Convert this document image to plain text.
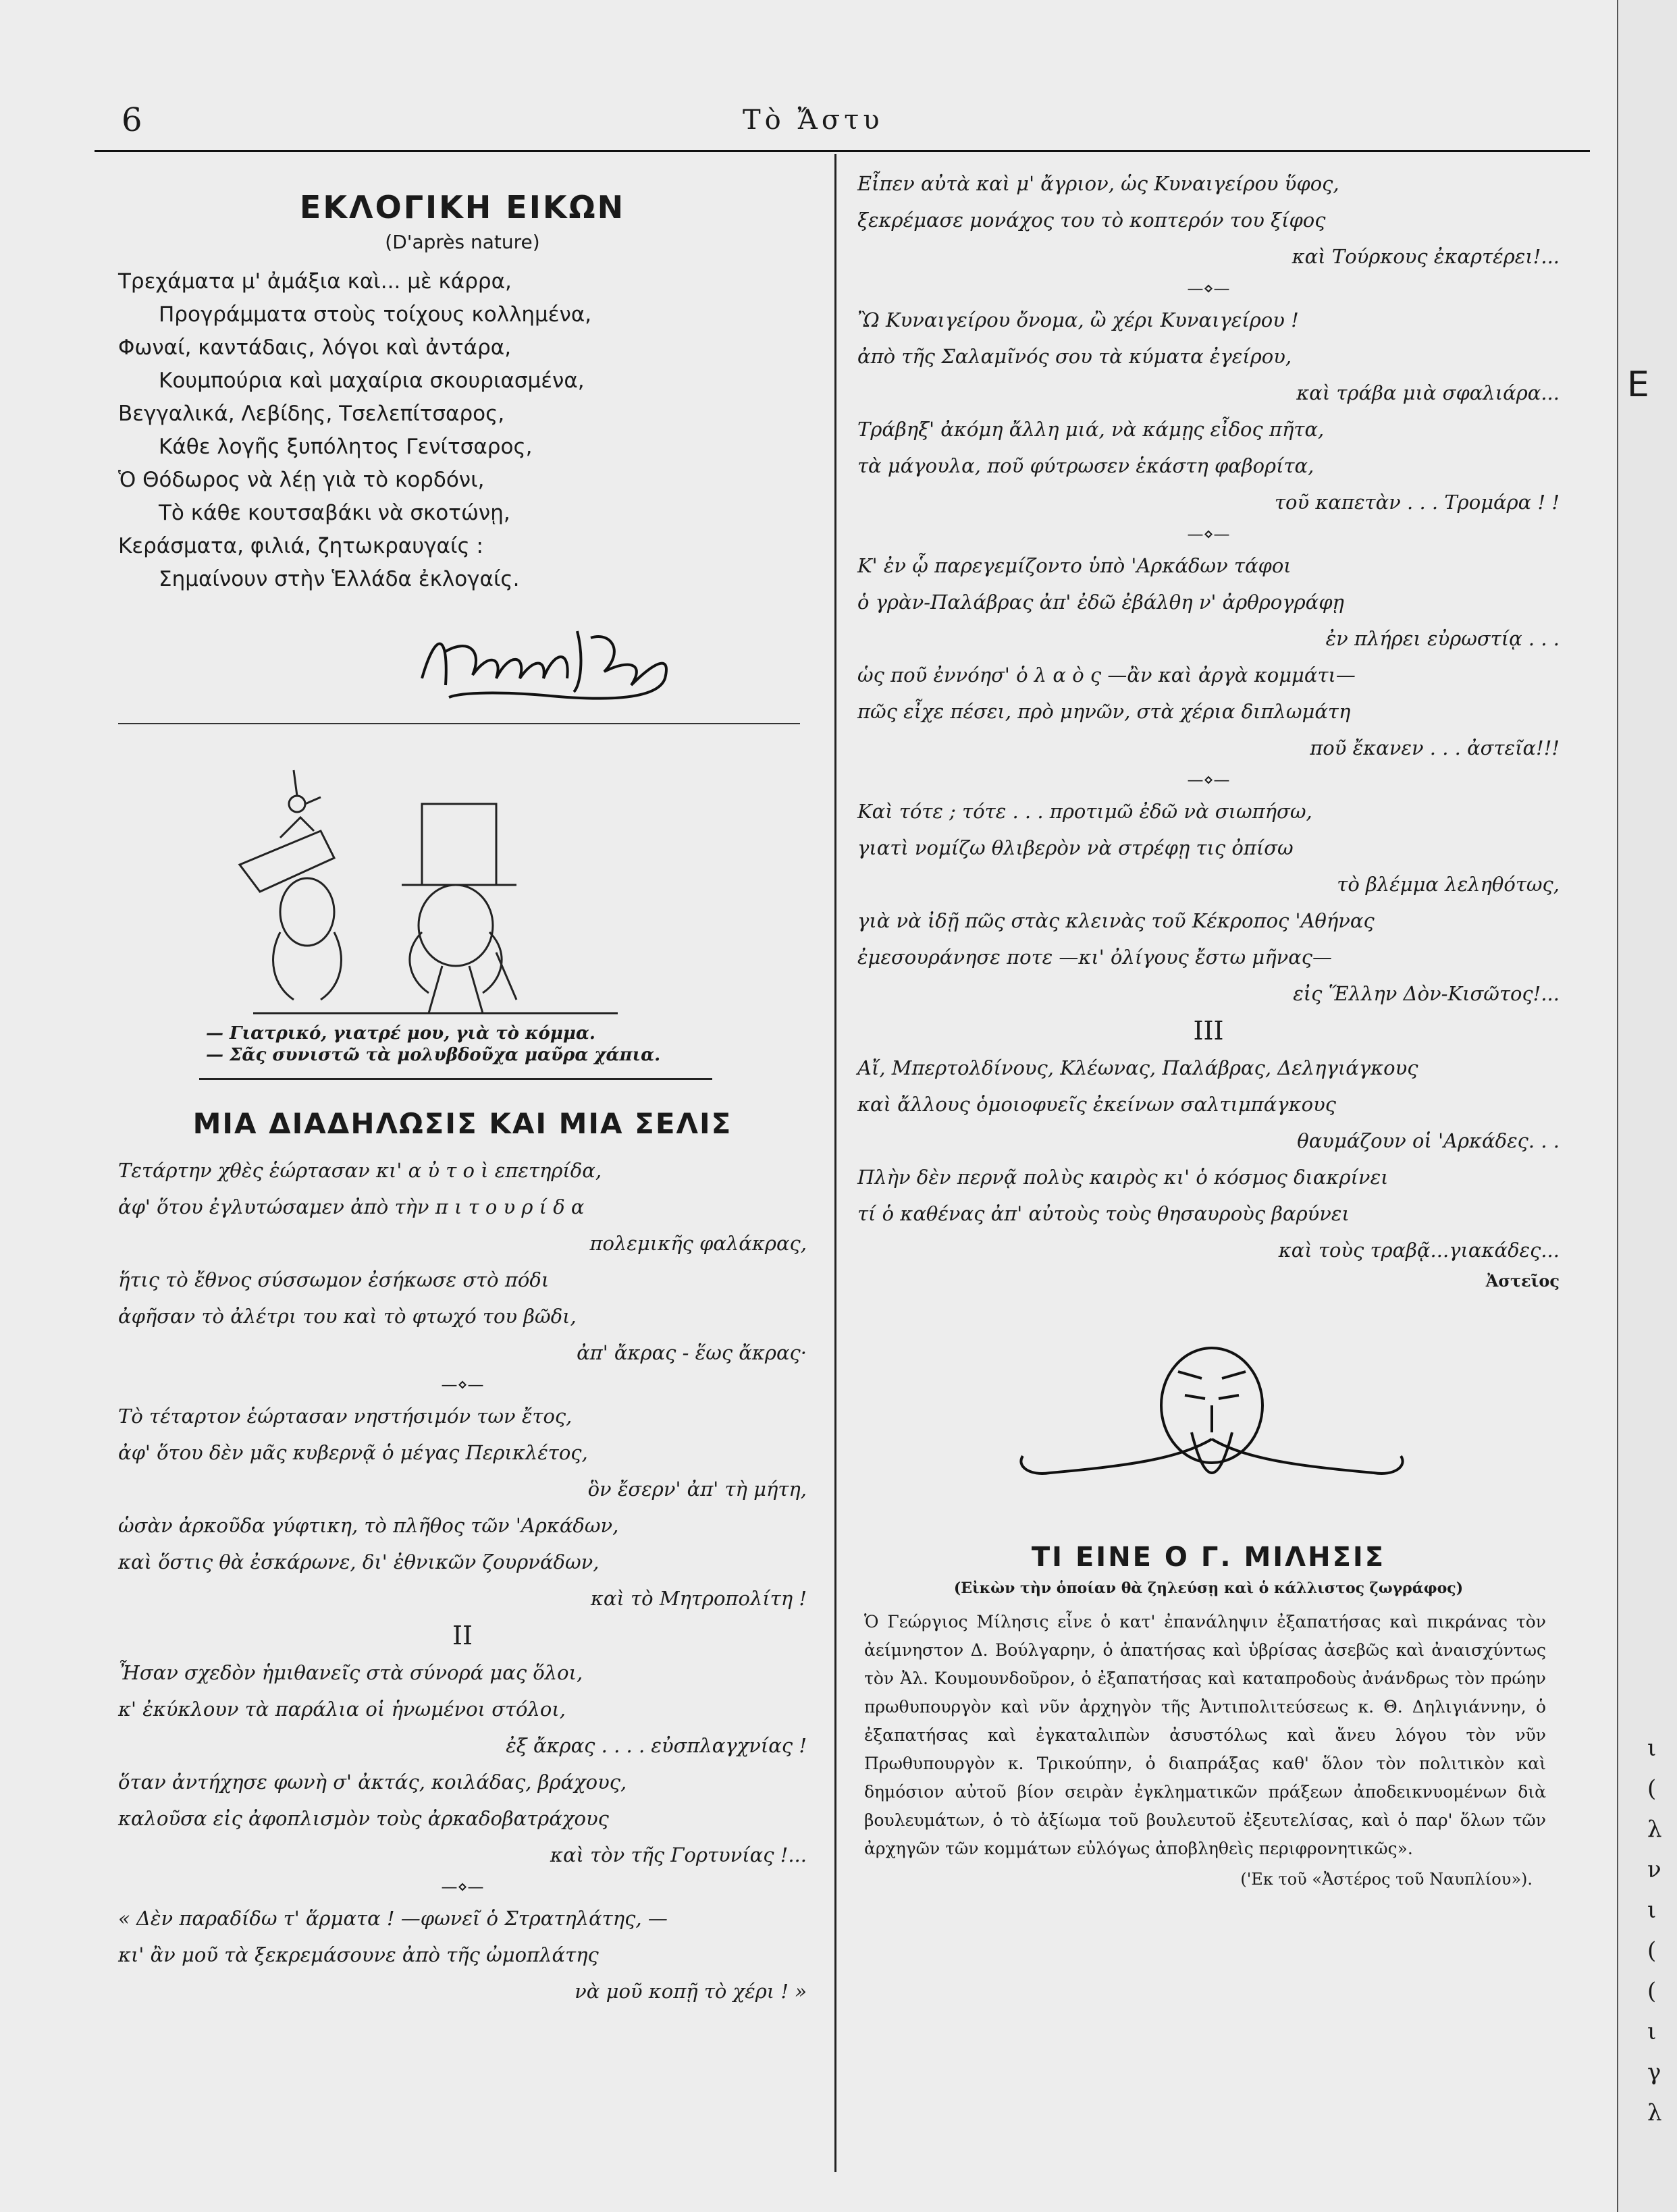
6	Τὸ Ἄστυ
ΕΚΛΟΓΙΚΗ ΕΙΚΩΝ
(D'après nature)
Τρεχάματα μ' ἀμάξια καὶ... μὲ κάρρα,
Προγράμματα στοὺς τοίχους κολλημένα,
Φωναί, καντάδαις, λόγοι καὶ ἀντάρα,
Κουμπούρια καὶ μαχαίρια σκουριασμένα,
Βεγγαλικά, Λεβίδης, Τσελεπίτσαρος,
Κάθε λογῆς ξυπόλητος Γενίτσαρος,
Ὁ Θόδωρος νὰ λέῃ γιὰ τὸ κορδόνι,
Τὸ κάθε κουτσαβάκι νὰ σκοτώνῃ,
Κεράσματα, φιλιά, ζητωκραυγαίς :
Σημαίνουν στὴν Ἑλλάδα ἐκλογαίς.
— Γιατρικό, γιατρέ μου, γιὰ τὸ κόμμα.
— Σᾶς συνιστῶ τὰ μολυβδοῦχα μαῦρα χάπια.
ΜΙΑ ΔΙΑΔΗΛΩΣΙΣ ΚΑΙ ΜΙΑ ΣΕΛΙΣ
Τετάρτην χθὲς ἑώρτασαν κι' α ὐ τ ο ὶ επετηρίδα,
ἀφ' ὅτου ἐγλυτώσαμεν ἀπὸ τὴν π ι τ ο υ ρ ί δ α
πολεμικῆς φαλάκρας,
ἥτις τὸ ἔθνος σύσσωμον ἐσήκωσε στὸ πόδι
ἀφῆσαν τὸ ἀλέτρι του καὶ τὸ φτωχό του βῶδι,
ἀπ' ἄκρας - ἕως ἄκρας·
—⋄—
Τὸ τέταρτον ἑώρτασαν νηστήσιμόν των ἔτος,
ἀφ' ὅτου δὲν μᾶς κυβερνᾷ ὁ μέγας Περικλέτος,
ὃν ἔσερν' ἀπ' τὴ μήτη,
ὡσὰν ἀρκοῦδα γύφτικη, τὸ πλῆθος τῶν 'Αρκάδων,
καὶ ὅστις θὰ ἐσκάρωνε, δι' ἐθνικῶν ζουρνάδων,
καὶ τὸ Μητροπολίτη !
II
Ἦσαν σχεδὸν ἡμιθανεῖς στὰ σύνορά μας ὅλοι,
κ' ἐκύκλουν τὰ παράλια οἱ ἡνωμένοι στόλοι,
ἐξ ἄκρας . . . . εὐσπλαγχνίας !
ὅταν ἀντήχησε φωνὴ σ' ἀκτάς, κοιλάδας, βράχους,
καλοῦσα εἰς ἀφοπλισμὸν τοὺς ἀρκαδοβατράχους
καὶ τὸν τῆς Γορτυνίας !...
—⋄—
« Δὲν παραδίδω τ' ἅρματα ! —φωνεῖ ὁ Στρατηλάτης, —
κι' ἂν μοῦ τὰ ξεκρεμάσουνε ἀπὸ τῆς ὠμοπλάτης
νὰ μοῦ κοπῇ τὸ χέρι ! »
Εἶπεν αὐτὰ καὶ μ' ἄγριον, ὡς Κυναιγείρου ὕφος,
ξεκρέμασε μονάχος του τὸ κοπτερόν του ξίφος
καὶ Τούρκους ἐκαρτέρει!...
—⋄—
Ὢ Κυναιγείρου ὄνομα, ὢ χέρι Κυναιγείρου !
ἀπὸ τῆς Σαλαμῖνός σου τὰ κύματα ἐγείρου,
καὶ τράβα μιὰ σφαλιάρα...
Τράβηξ' ἀκόμη ἄλλη μιά, νὰ κάμῃς εἶδος πῆτα,
τὰ μάγουλα, ποῦ φύτρωσεν ἑκάστη φαβορίτα,
τοῦ καπετὰν . . . Τρομάρα ! !
—⋄—
Κ' ἐν ᾧ παρεγεμίζοντο ὑπὸ 'Αρκάδων τάφοι
ὁ γρὰν-Παλάβρας ἀπ' ἐδῶ ἐβάλθη ν' ἀρθρογράφῃ
ἐν πλήρει εὐρωστίᾳ . . .
ὡς ποῦ ἐννόησ' ὁ λ α ὸ ς —ἂν καὶ ἀργὰ κομμάτι—
πῶς εἶχε πέσει, πρὸ μηνῶν, στὰ χέρια διπλωμάτη
ποῦ ἔκανεν . . . ἀστεῖα!!!
—⋄—
Καὶ τότε ; τότε . . . προτιμῶ ἐδῶ νὰ σιωπήσω,
γιατὶ νομίζω θλιβερὸν νὰ στρέφῃ τις ὀπίσω
τὸ βλέμμα λεληθότως,
γιὰ νὰ ἰδῇ πῶς στὰς κλεινὰς τοῦ Κέκροπος 'Αθήνας
ἐμεσουράνησε ποτε —κι' ὀλίγους ἔστω μῆνας—
εἰς Ἕλλην Δὸν-Κισῶτος!...
III
Αἴ, Μπερτολδίνους, Κλέωνας, Παλάβρας, Δεληγιάγκους
καὶ ἄλλους ὁμοιοφυεῖς ἐκείνων σαλτιμπάγκους
θαυμάζουν οἱ 'Αρκάδες. . .
Πλὴν δὲν περνᾷ πολὺς καιρὸς κι' ὁ κόσμος διακρίνει
τί ὁ καθένας ἀπ' αὐτοὺς τοὺς θησαυροὺς βαρύνει
καὶ τοὺς τραβᾷ...γιακάδες...
Ἀστεῖος
ΤΙ ΕΙΝΕ Ο Γ. ΜΙΛΗΣΙΣ
(Εἰκὼν τὴν ὁποίαν θὰ ζηλεύσῃ καὶ ὁ κάλλιστος ζωγράφος)

Ὁ Γεώργιος Μίλησις εἶνε ὁ κατ' ἐπανάληψιν ἐξαπατήσας καὶ πικράνας τὸν ἀείμνηστον Δ. Βούλγαρην, ὁ ἀπατήσας καὶ ὑβρίσας ἀσεβῶς καὶ ἀναισχύντως τὸν Ἀλ. Κουμουνδοῦρον, ὁ ἐξαπατήσας καὶ καταπροδοὺς ἀνάνδρως τὸν πρώην πρωθυπουργὸν καὶ νῦν ἀρχηγὸν τῆς Ἀντιπολιτεύσεως κ. Θ. Δηλιγιάννην, ὁ ἐξαπατήσας καὶ ἐγκαταλιπὼν ἀσυστόλως καὶ ἄνευ λόγου τὸν νῦν Πρωθυπουργὸν κ. Τρικούπην, ὁ διαπράξας καθ' ὅλον τὸν πολιτικὸν καὶ δημόσιον αὐτοῦ βίον σειρὰν ἐγκληματικῶν πράξεων ἀποδεικνυομένων διὰ βουλευμάτων, ὁ τὸ ἀξίωμα τοῦ βουλευτοῦ ἐξευτελίσας, καὶ ὁ παρ' ὅλων τῶν ἀρχηγῶν τῶν κομμάτων εὐλόγως ἀποβληθεὶς περιφρονητικῶς».

('Εκ τοῦ «Ἀστέρος τοῦ Ναυπλίου»).
E
ι
(
λ
ν
ι
(
(
ι
γ
λ
